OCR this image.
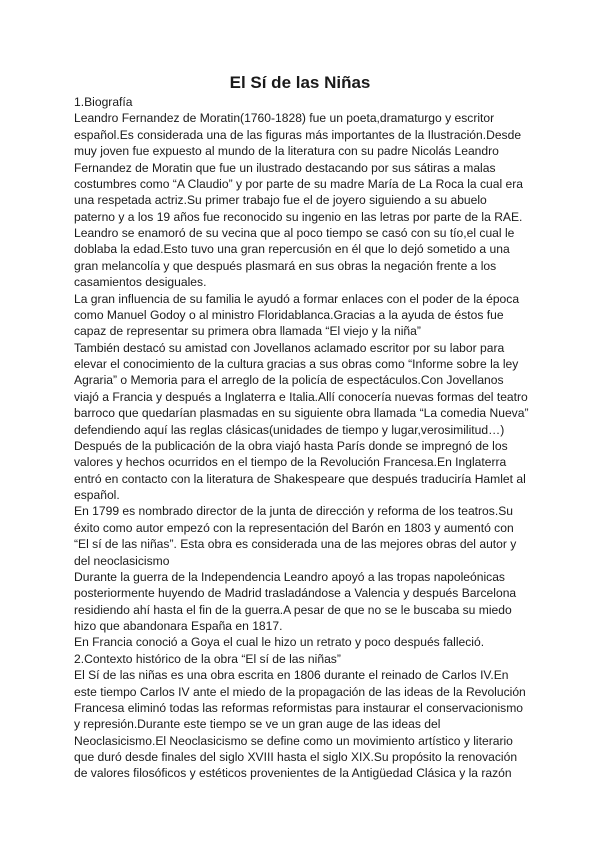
El Sí de las Niñas
1.Biografía
Leandro Fernandez de Moratin(1760-1828) fue un poeta,dramaturgo y escritor
español.Es considerada una de las figuras más importantes de la Ilustración.Desde
muy joven fue expuesto al mundo de la literatura con su padre Nicolás Leandro
Fernandez de Moratin que fue un ilustrado destacando por sus sátiras a malas
costumbres como “A Claudio” y por parte de su madre María de La Roca la cual era
una respetada actriz.Su primer trabajo fue el de joyero siguiendo a su abuelo
paterno y a los 19 años fue reconocido su ingenio en las letras por parte de la RAE.
Leandro se enamoró de su vecina que al poco tiempo se casó con su tío,el cual le
doblaba la edad.Esto tuvo una gran repercusión en él que lo dejó sometido a una
gran melancolía y que después plasmará en sus obras la negación frente a los
casamientos desiguales.
La gran influencia de su familia le ayudó a formar enlaces con el poder de la época
como Manuel Godoy o al ministro Floridablanca.Gracias a la ayuda de éstos fue
capaz de representar su primera obra llamada “El viejo y la niña”
También destacó su amistad con Jovellanos aclamado escritor por su labor para
elevar el conocimiento de la cultura gracias a sus obras como “Informe sobre la ley
Agraria” o Memoria para el arreglo de la policía de espectáculos.Con Jovellanos
viajó a Francia y después a Inglaterra e Italia.Allí conocería nuevas formas del teatro
barroco que quedarían plasmadas en su siguiente obra llamada “La comedia Nueva”
defendiendo aquí las reglas clásicas(unidades de tiempo y lugar,verosimilitud…)
Después de la publicación de la obra viajó hasta París donde se impregnó de los
valores y hechos ocurridos en el tiempo de la Revolución Francesa.En Inglaterra
entró en contacto con la literatura de Shakespeare que después traduciría Hamlet al
español.
En 1799 es nombrado director de la junta de dirección y reforma de los teatros.Su
éxito como autor empezó con la representación del Barón en 1803 y aumentó con
“El sí de las niñas”. Esta obra es considerada una de las mejores obras del autor y
del neoclasicismo
Durante la guerra de la Independencia Leandro apoyó a las tropas napoleónicas
posteriormente huyendo de Madrid trasladándose a Valencia y después Barcelona
residiendo ahí hasta el fin de la guerra.A pesar de que no se le buscaba su miedo
hizo que abandonara España en 1817.
En Francia conoció a Goya el cual le hizo un retrato y poco después falleció.
2.Contexto histórico de la obra “El sí de las niñas”
El Sí de las niñas es una obra escrita en 1806 durante el reinado de Carlos IV.En
este tiempo Carlos IV ante el miedo de la propagación de las ideas de la Revolución
Francesa eliminó todas las reformas reformistas para instaurar el conservacionismo
y represión.Durante este tiempo se ve un gran auge de las ideas del
Neoclasicismo.El Neoclasicismo se define como un movimiento artístico y literario
que duró desde finales del siglo XVIII hasta el siglo XIX.Su propósito la renovación
de valores filosóficos y estéticos provenientes de la Antigüedad Clásica y la razón
